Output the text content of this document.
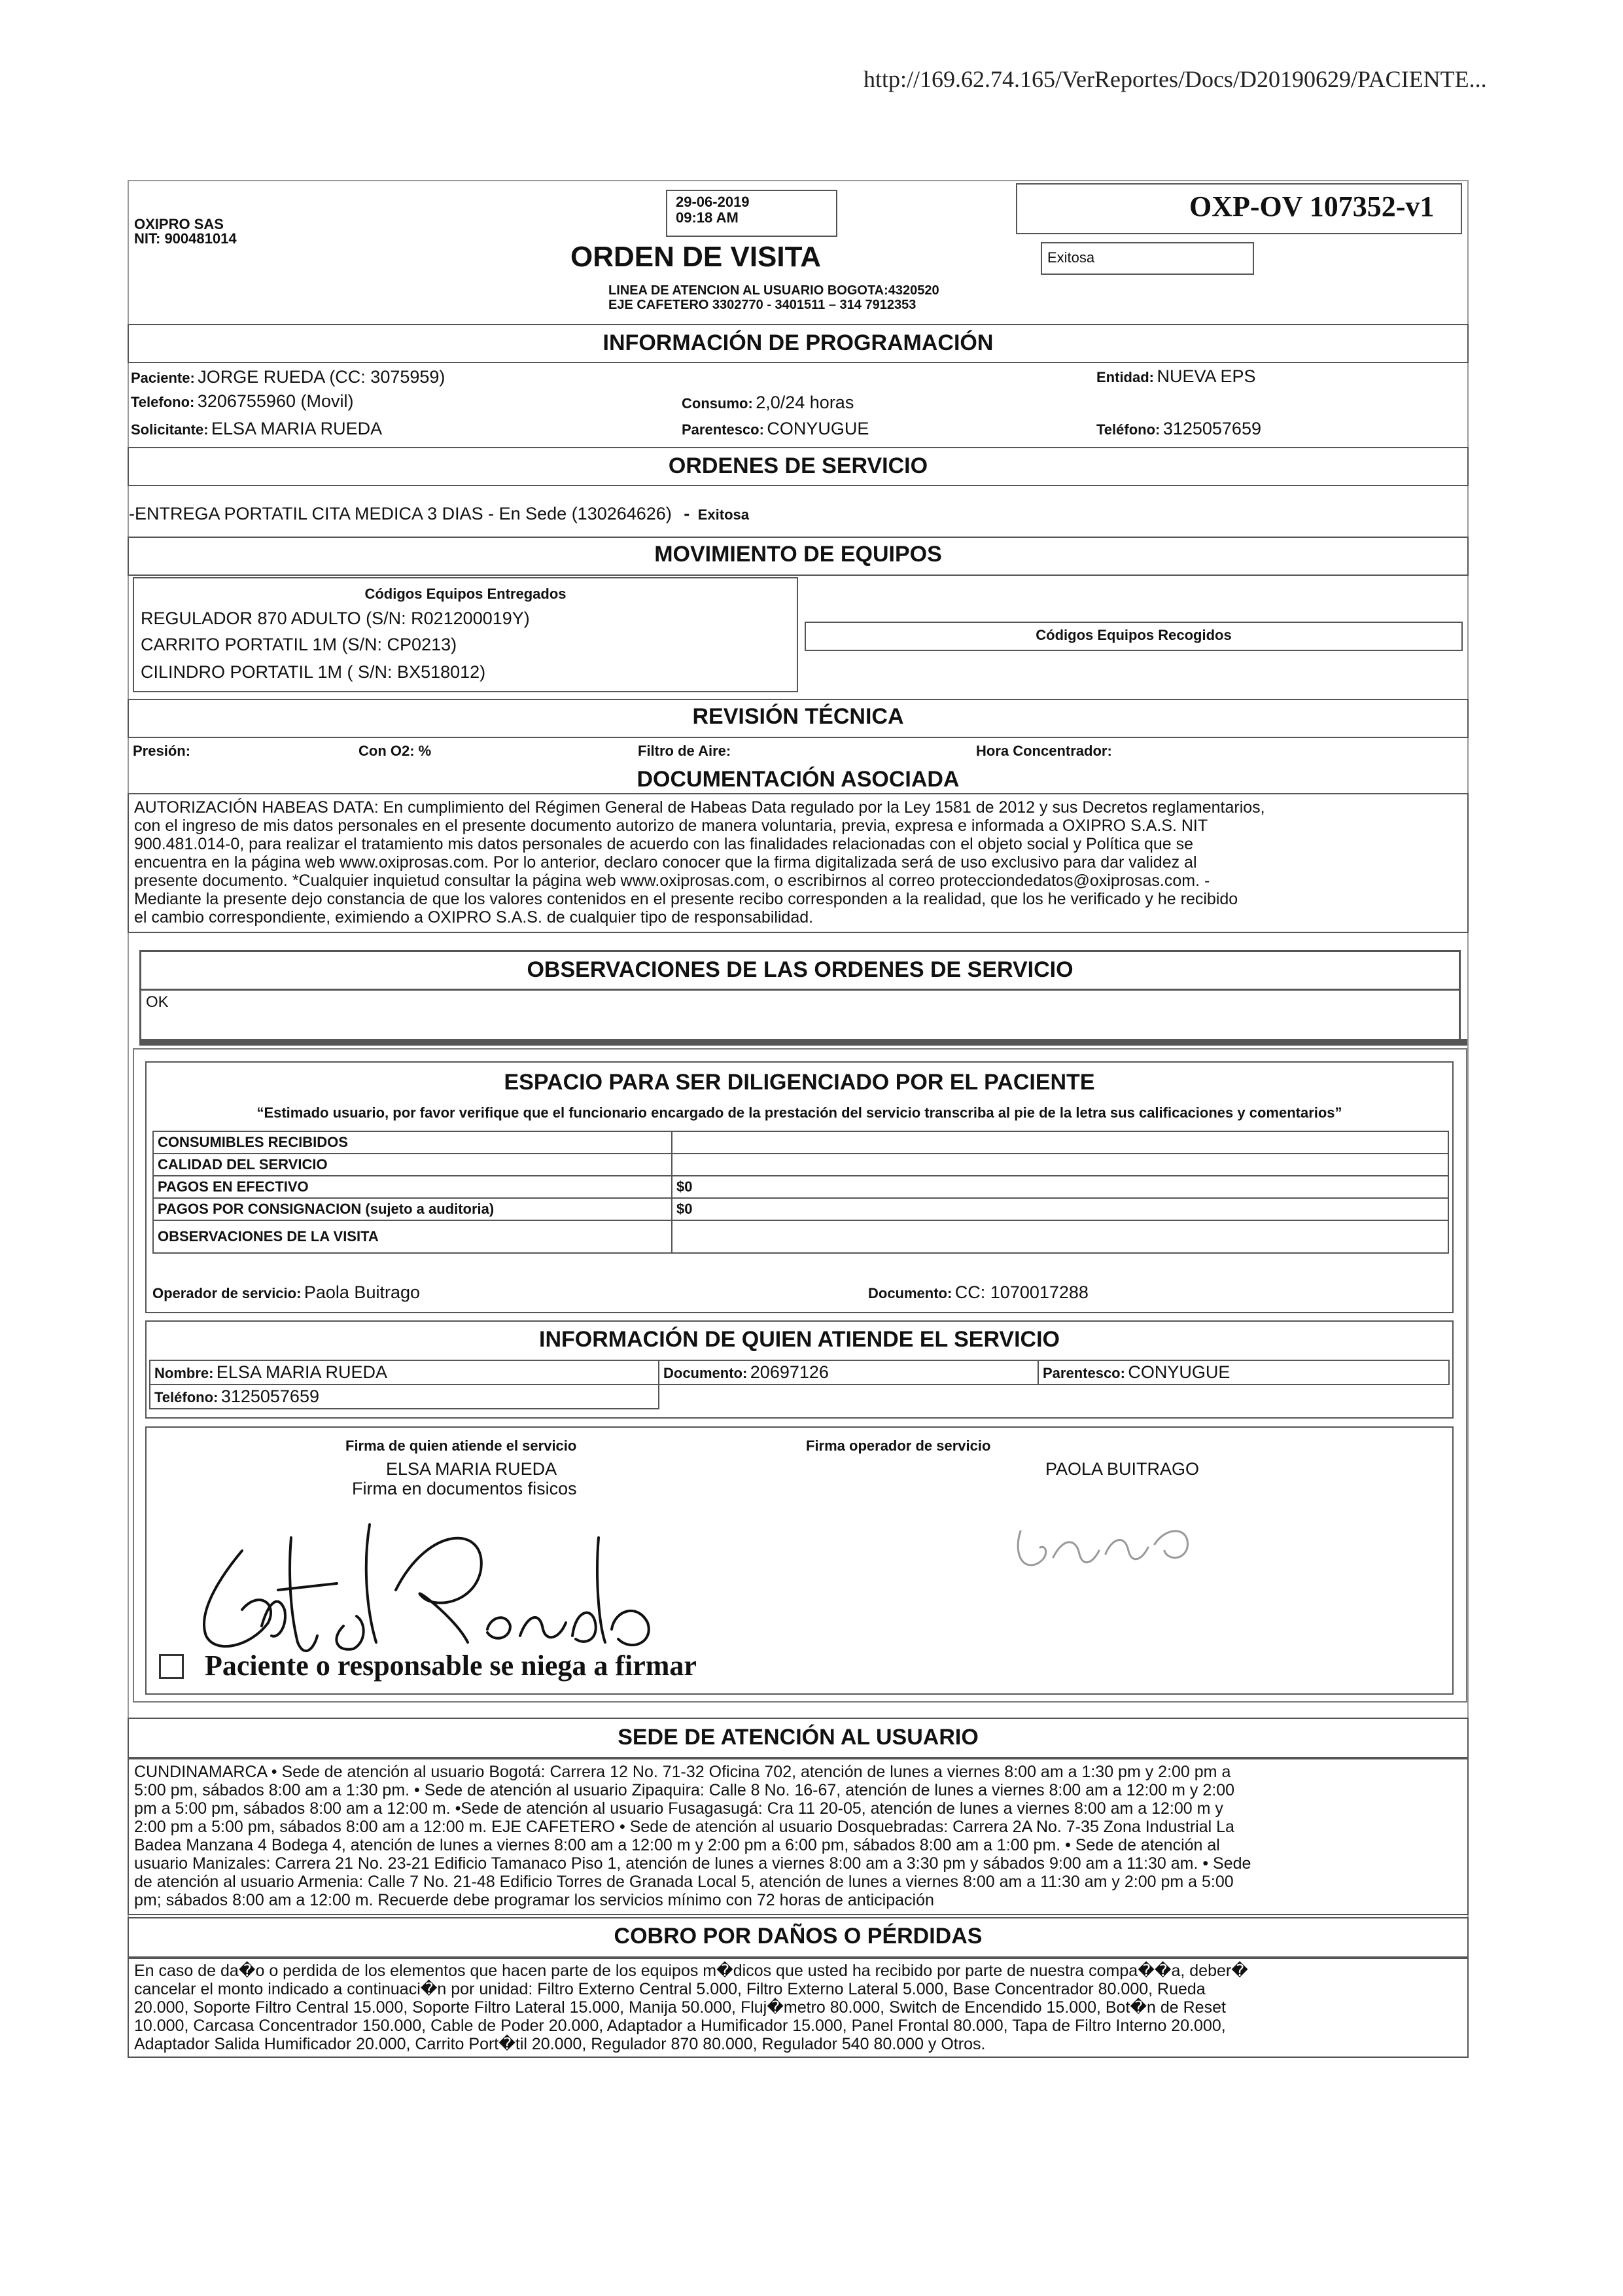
http://169.62.74.165/VerReportes/Docs/D20190629/PACIENTE...
OXIPRO SAS
NIT: 900481014
29-06-2019
09:18 AM
ORDEN DE VISITA
LINEA DE ATENCION AL USUARIO BOGOTA:4320520
EJE CAFETERO 3302770 - 3401511 – 314 7912353
OXP-OV 107352-v1
Exitosa
INFORMACIÓN DE PROGRAMACIÓN
Paciente: JORGE RUEDA (CC: 3075959)
Telefono: 3206755960 (Movil)
Solicitante: ELSA MARIA RUEDA
Consumo: 2,0/24 horas
Parentesco: CONYUGUE
Entidad: NUEVA EPS
Teléfono: 3125057659
ORDENES DE SERVICIO
-ENTREGA PORTATIL CITA MEDICA 3 DIAS - En Sede (130264626) - Exitosa
MOVIMIENTO DE EQUIPOS
Códigos Equipos Entregados
REGULADOR 870 ADULTO (S/N: R021200019Y)
CARRITO PORTATIL 1M (S/N: CP0213)
CILINDRO PORTATIL 1M ( S/N: BX518012)
Códigos Equipos Recogidos
REVISIÓN TÉCNICA
Presión:	Con O2: %	Filtro de Aire:	Hora Concentrador:
DOCUMENTACIÓN ASOCIADA
AUTORIZACIÓN HABEAS DATA: En cumplimiento del Régimen General de Habeas Data regulado por la Ley 1581 de 2012 y sus Decretos reglamentarios,
con el ingreso de mis datos personales en el presente documento autorizo de manera voluntaria, previa, expresa e informada a OXIPRO S.A.S. NIT
900.481.014-0, para realizar el tratamiento mis datos personales de acuerdo con las finalidades relacionadas con el objeto social y Política que se
encuentra en la página web www.oxiprosas.com. Por lo anterior, declaro conocer que la firma digitalizada será de uso exclusivo para dar validez al
presente documento. *Cualquier inquietud consultar la página web www.oxiprosas.com, o escribirnos al correo protecciondedatos@oxiprosas.com. -
Mediante la presente dejo constancia de que los valores contenidos en el presente recibo corresponden a la realidad, que los he verificado y he recibido
el cambio correspondiente, eximiendo a OXIPRO S.A.S. de cualquier tipo de responsabilidad.
OBSERVACIONES DE LAS ORDENES DE SERVICIO
OK
ESPACIO PARA SER DILIGENCIADO POR EL PACIENTE
“Estimado usuario, por favor verifique que el funcionario encargado de la prestación del servicio transcriba al pie de la letra sus calificaciones y comentarios”
CONSUMIBLES RECIBIDOS	
CALIDAD DEL SERVICIO	
PAGOS EN EFECTIVO	$0
PAGOS POR CONSIGNACION (sujeto a auditoria)	$0
OBSERVACIONES DE LA VISITA	
Operador de servicio: Paola Buitrago	Documento: CC: 1070017288
INFORMACIÓN DE QUIEN ATIENDE EL SERVICIO
Nombre: ELSA MARIA RUEDA	Documento: 20697126	Parentesco: CONYUGUE
Teléfono: 3125057659		
Firma de quien atiende el servicio
ELSA MARIA RUEDA
Firma en documentos fisicos
Firma operador de servicio
PAOLA BUITRAGO
Paciente o responsable se niega a firmar
SEDE DE ATENCIÓN AL USUARIO
CUNDINAMARCA • Sede de atención al usuario Bogotá: Carrera 12 No. 71-32 Oficina 702, atención de lunes a viernes 8:00 am a 1:30 pm y 2:00 pm a
5:00 pm, sábados 8:00 am a 1:30 pm. • Sede de atención al usuario Zipaquira: Calle 8 No. 16-67, atención de lunes a viernes 8:00 am a 12:00 m y 2:00
pm a 5:00 pm, sábados 8:00 am a 12:00 m. •Sede de atención al usuario Fusagasugá: Cra 11 20-05, atención de lunes a viernes 8:00 am a 12:00 m y
2:00 pm a 5:00 pm, sábados 8:00 am a 12:00 m. EJE CAFETERO • Sede de atención al usuario Dosquebradas: Carrera 2A No. 7-35 Zona Industrial La
Badea Manzana 4 Bodega 4, atención de lunes a viernes 8:00 am a 12:00 m y 2:00 pm a 6:00 pm, sábados 8:00 am a 1:00 pm. • Sede de atención al
usuario Manizales: Carrera 21 No. 23-21 Edificio Tamanaco Piso 1, atención de lunes a viernes 8:00 am a 3:30 pm y sábados 9:00 am a 11:30 am. • Sede
de atención al usuario Armenia: Calle 7 No. 21-48 Edificio Torres de Granada Local 5, atención de lunes a viernes 8:00 am a 11:30 am y 2:00 pm a 5:00
pm; sábados 8:00 am a 12:00 m. Recuerde debe programar los servicios mínimo con 72 horas de anticipación
COBRO POR DAÑOS O PÉRDIDAS
En caso de da�o o perdida de los elementos que hacen parte de los equipos m�dicos que usted ha recibido por parte de nuestra compa��a, deber�
cancelar el monto indicado a continuaci�n por unidad: Filtro Externo Central 5.000, Filtro Externo Lateral 5.000, Base Concentrador 80.000, Rueda
20.000, Soporte Filtro Central 15.000, Soporte Filtro Lateral 15.000, Manija 50.000, Fluj�metro 80.000, Switch de Encendido 15.000, Bot�n de Reset
10.000, Carcasa Concentrador 150.000, Cable de Poder 20.000, Adaptador a Humificador 15.000, Panel Frontal 80.000, Tapa de Filtro Interno 20.000,
Adaptador Salida Humificador 20.000, Carrito Port�til 20.000, Regulador 870 80.000, Regulador 540 80.000 y Otros.
